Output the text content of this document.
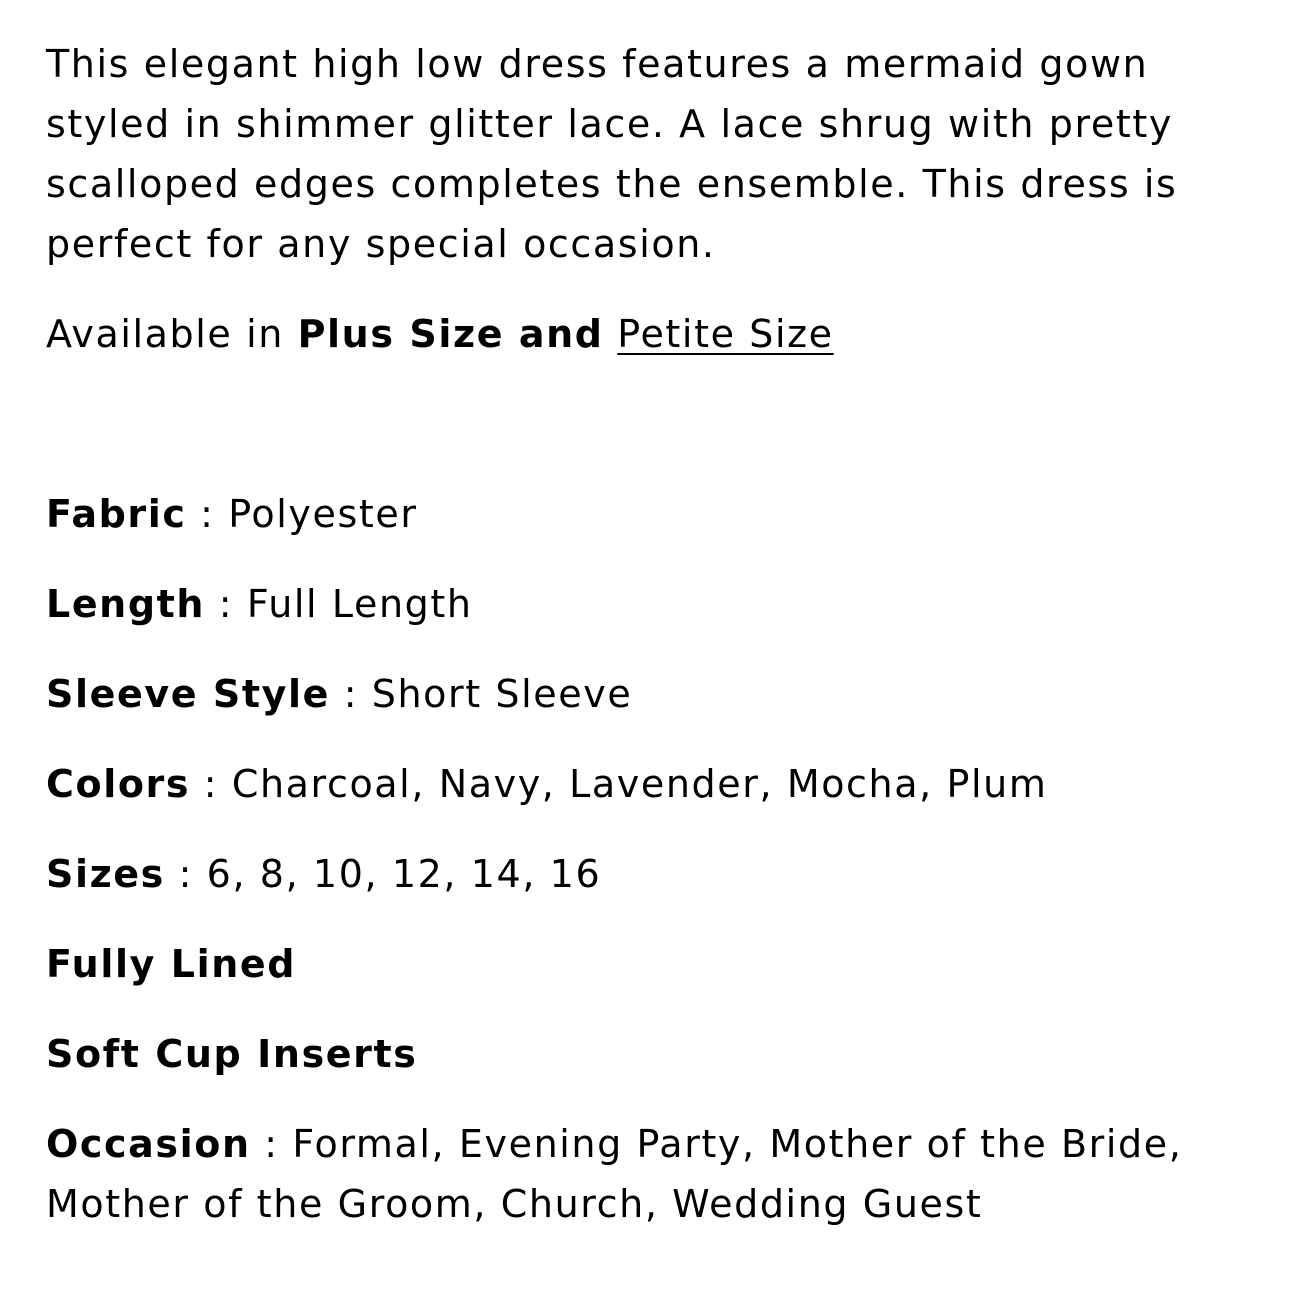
This elegant high low dress features a mermaid gown styled in shimmer glitter lace. A lace shrug with pretty scalloped edges completes the ensemble. This dress is perfect for any special occasion.

Available in Plus Size and Petite Size

Fabric : Polyester

Length : Full Length

Sleeve Style : Short Sleeve

Colors : Charcoal, Navy, Lavender, Mocha, Plum

Sizes : 6, 8, 10, 12, 14, 16

Fully Lined

Soft Cup Inserts

Occasion : Formal, Evening Party, Mother of the Bride, Mother of the Groom, Church, Wedding Guest
